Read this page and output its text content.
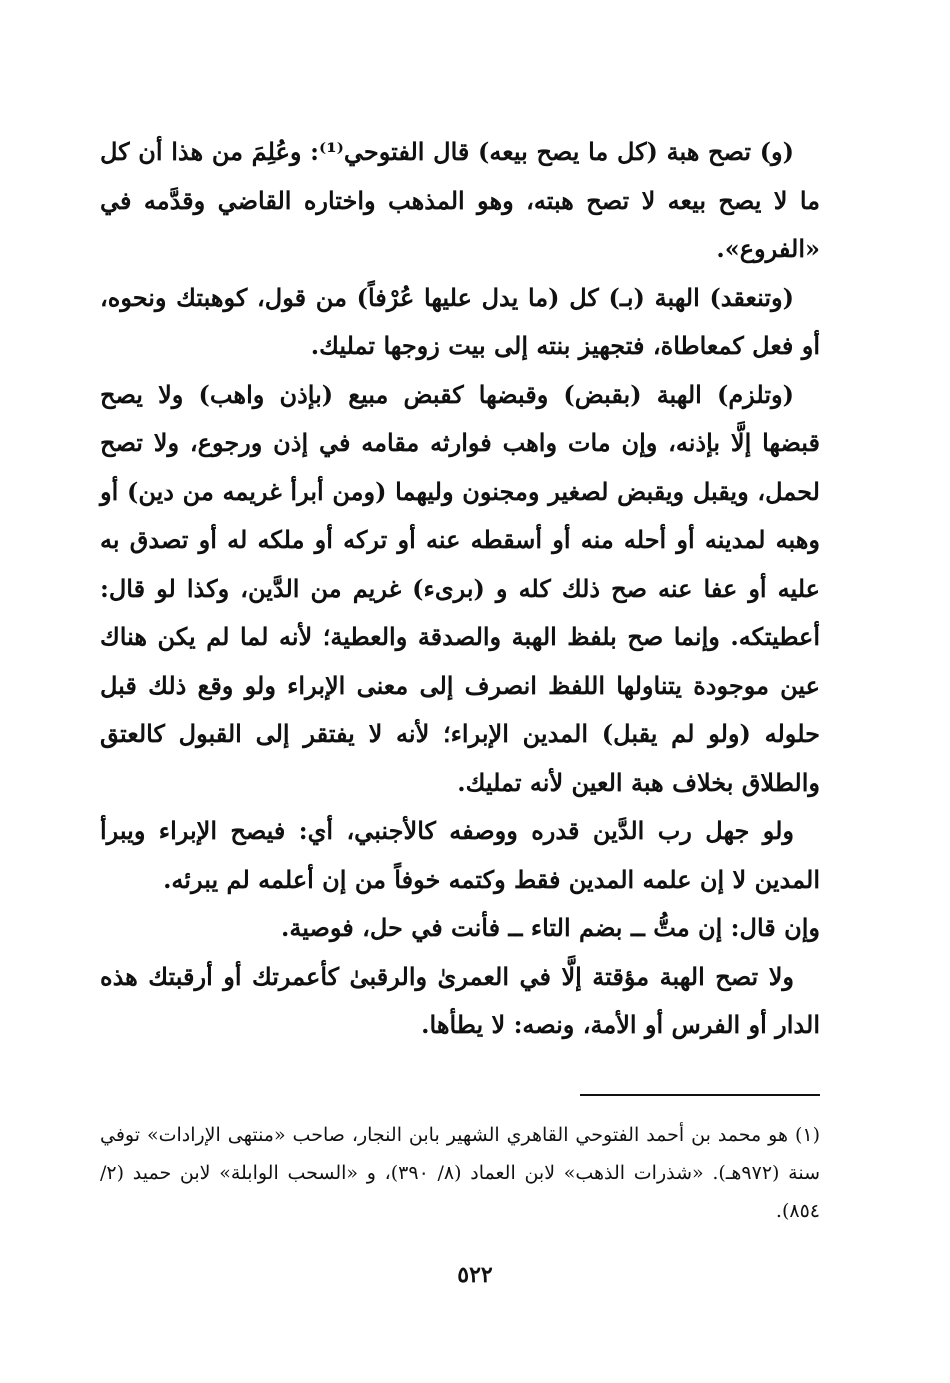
(و) تصح هبة (كل ما يصح بيعه) قال الفتوحي⁽¹⁾: وعُلِمَ من هذا أن كل ما لا يصح بيعه لا تصح هبته، وهو المذهب واختاره القاضي وقدَّمه في «الفروع».

(وتنعقد) الهبة (بـ) كل (ما يدل عليها عُرْفاً) من قول، كوهبتك ونحوه، أو فعل كمعاطاة، فتجهيز بنته إلى بيت زوجها تمليك.

(وتلزم) الهبة (بقبض) وقبضها كقبض مبيع (بإذن واهب) ولا يصح قبضها إلَّا بإذنه، وإن مات واهب فوارثه مقامه في إذن ورجوع، ولا تصح لحمل، ويقبل ويقبض لصغير ومجنون وليهما (ومن أبرأ غريمه من دين) أو وهبه لمدينه أو أحله منه أو أسقطه عنه أو تركه أو ملكه له أو تصدق به عليه أو عفا عنه صح ذلك كله و (برىء) غريم من الدَّين، وكذا لو قال: أعطيتكه. وإنما صح بلفظ الهبة والصدقة والعطية؛ لأنه لما لم يكن هناك عين موجودة يتناولها اللفظ انصرف إلى معنى الإبراء ولو وقع ذلك قبل حلوله (ولو لم يقبل) المدين الإبراء؛ لأنه لا يفتقر إلى القبول كالعتق والطلاق بخلاف هبة العين لأنه تمليك.

ولو جهل رب الدَّين قدره ووصفه كالأجنبي، أي: فيصح الإبراء ويبرأ المدين لا إن علمه المدين فقط وكتمه خوفاً من إن أعلمه لم يبرئه.

وإن قال: إن متُّ ــ بضم التاء ــ فأنت في حل، فوصية.

ولا تصح الهبة مؤقتة إلَّا في العمرىٰ والرقبىٰ كأعمرتك أو أرقبتك هذه الدار أو الفرس أو الأمة، ونصه: لا يطأها.

(١) هو محمد بن أحمد الفتوحي القاهري الشهير بابن النجار، صاحب «منتهى الإرادات» توفي سنة (٩٧٢هـ). «شذرات الذهب» لابن العماد (٨/ ٣٩٠)، و «السحب الوابلة» لابن حميد (٢/ ٨٥٤).

٥٢٢
